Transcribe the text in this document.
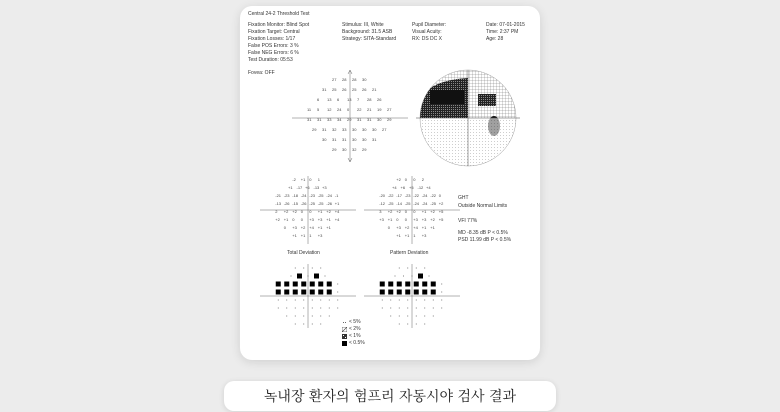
Central 24-2 Threshold Test
Fixation Monitor: Blind Spot
Fixation Target: Central
Fixation Losses: 1/17
False POS Errors: 3 %
False NEG Errors: 6 %
Test Duration: 05:53
Stimulus: III, White
Background: 31.5 ASB
Strategy: SITA-Standard
Pupil Diameter:
Visual Acuity:
RX: DS DC X
Date: 07-01-2015
Time: 2:37 PM
Age: 28
Fovea: OFF
27 28 28 30
31 25 26 25 26 21
6 13 6 13 7 28 26
11 5 12 24 0 22 21 19 27
31 31 33 34 29 31 31 30 29
29 31 32 33 30 30 30 27
30 31 31 30 30 31
29 30 32 29
-2 +1 0 1
+1 -17 +6 -13 +3
-21 -23 -18 -24 -23 -25 -24 -1
-13 -26 -15 -26 -25 -25 -26 +1
2 +2 +2 0 0 +1 +2 +4
+2 +1 0 0 +3 +3 +1 +4
0 +3 +2 +4 +1 +1
+1 +1 1 +3
Total Deviation
+2 0 0 2
+4 +6 +5 -12 +4
-20 -22 -17 -23 -22 -24 -22 0
-12 -25 -14 -25 -24 -24 -25 +2
3 +2 +2 0 0 +1 +2 +5
+3 +1 0 0 +3 +3 +2 +5
0 +3 +2 +4 +1 +1
+1 +1 1 +3
Pattern Deviation
GHT
Outside Normal Limits
VFI 77%
MD -8.35 dB P < 0.5%
PSD 11.99 dB P < 0.5%
< 5%
< 2%
< 1%
< 0.5%
녹내장 환자의 험프리 자동시야 검사 결과
